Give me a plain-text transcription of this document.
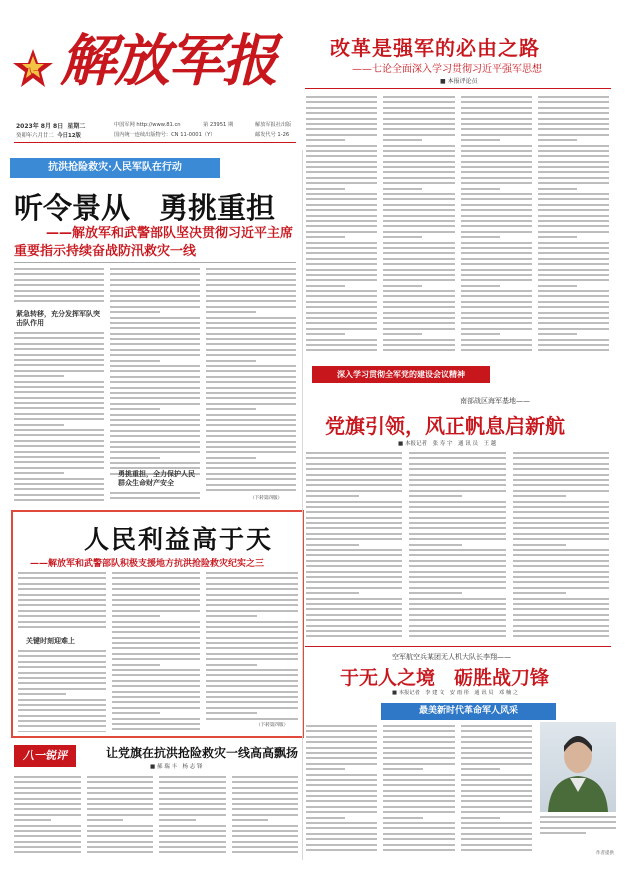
八一 解放军报
2023年 8月 8日 星期二
癸卯年六月廿二 今日12版
中国军网 http://www.81.cn	第 23951 期
国内统一连续出版物号：CN 11-0001（Y）
解放军报社出版
邮发代号 1-26
改革是强军的必由之路
——七论全面深入学习贯彻习近平强军思想
■ 本报评论员
深入学习贯彻全军党的建设会议精神
南部战区海军基地——
党旗引领，风正帆息启新航
■ 本报记者　张 寿 宇　通 讯 员　王 越
空军航空兵某团无人机大队长李翔——
于无人之境　砺胜战刀锋
■ 本报记者　李 建 文　安 雨 彤　通 讯 员　邓 楠 之
最美新时代革命军人风采
作者提供
抗洪抢险救灾·人民军队在行动
听令景从　勇挑重担
——解放军和武警部队坚决贯彻习近平主席
重要指示持续奋战防汛救灾一线
紧急转移，充分发挥军队突击队作用
勇挑重担，全力保护人民群众生命财产安全
（下转第四版）
人民利益高于天
——解放军和武警部队积极支援地方抗洪抢险救灾纪实之三
关键时刻迎难上
（下转第四版）
八一锐评	让党旗在抗洪抢险救灾一线高高飘扬
■ 郝 瑞 丰　杨 志 锋
